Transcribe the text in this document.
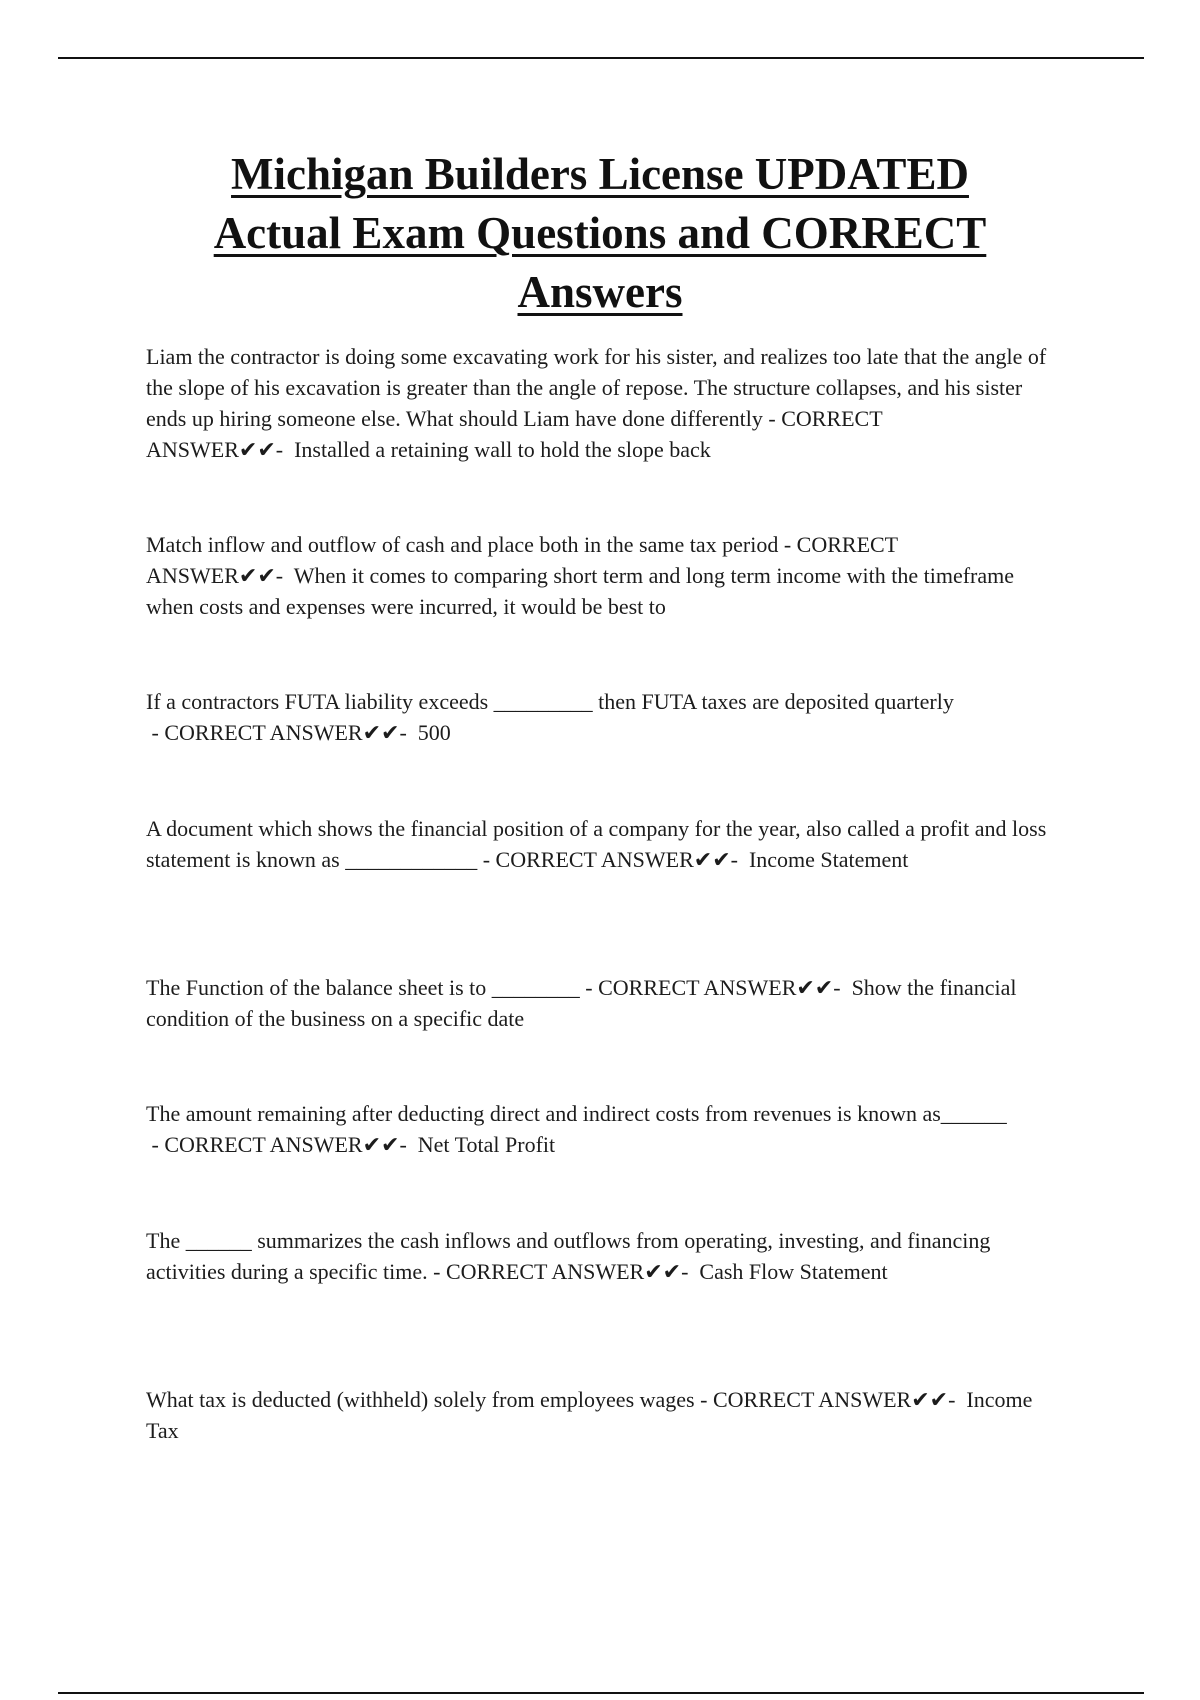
Michigan Builders License UPDATED
Actual Exam Questions and CORRECT
Answers

Liam the contractor is doing some excavating work for his sister, and realizes too late that the angle of the slope of his excavation is greater than the angle of repose. The structure collapses, and his sister ends up hiring someone else. What should Liam have done differently - CORRECT ANSWER✔✔-  Installed a retaining wall to hold the slope back

Match inflow and outflow of cash and place both in the same tax period - CORRECT ANSWER✔✔-  When it comes to comparing short term and long term income with the timeframe when costs and expenses were incurred, it would be best to

If a contractors FUTA liability exceeds _________ then FUTA taxes are deposited quarterly - CORRECT ANSWER✔✔-  500

A document which shows the financial position of a company for the year, also called a profit and loss statement is known as ____________ - CORRECT ANSWER✔✔-  Income Statement

The Function of the balance sheet is to ________ - CORRECT ANSWER✔✔-  Show the financial condition of the business on a specific date

The amount remaining after deducting direct and indirect costs from revenues is known as______ - CORRECT ANSWER✔✔-  Net Total Profit

The ______ summarizes the cash inflows and outflows from operating, investing, and financing activities during a specific time. - CORRECT ANSWER✔✔-  Cash Flow Statement

What tax is deducted (withheld) solely from employees wages - CORRECT ANSWER✔✔-  Income Tax
